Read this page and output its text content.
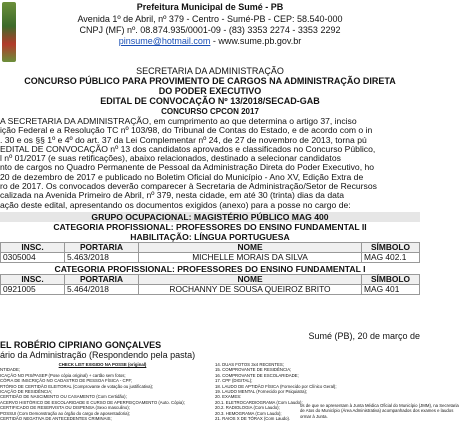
Prefeitura Municipal de Sumé - PB
Avenida 1º de Abril, nº 379 - Centro - Sumé-PB - CEP: 58.540-000
CNPJ (MF) nº. 08.874.935/0001-09 - (83) 3353 2274 - 3353 2292
pinsume@hotmail.com - www.sume.pb.gov.br
SECRETARIA DA ADMINISTRAÇÃO
CONCURSO PÚBLICO PARA PROVIMENTO DE CARGOS NA ADMINISTRAÇÃO DIRETA
DO PODER EXECUTIVO
EDITAL DE CONVOCAÇÃO Nº 13/2018/SECAD-GAB
CONCURSO CPCON 2017
A SECRETARIA DA ADMINISTRAÇÃO, em cumprimento ao que determina o artigo 37, inciso
ição Federal e a Resolução TC nº 103/98, do Tribunal de Contas do Estado, e de acordo com o in
. 30 e os §§ 1º e 4º do art. 37 da Lei Complementar nº 24, de 27 de novembro de 2013, torna pú
EDITAL DE CONVOCAÇÃO nº 13 dos candidatos aprovados e classificados no Concurso Público,
l nº 01/2017 (e suas retificações), abaixo relacionados, destinado a selecionar candidatos
nto de cargos no Quadro Permanente de Pessoal da Administração Direta do Poder Executivo, ho
20 de dezembro de 2017 e publicado no Boletim Oficial do Município - Ano XV, Edição Extra de
ro de 2017. Os convocados deverão comparecer à Secretaria de Administração/Setor de Recursos
calizada na Avenida Primeiro de Abril, nº 379, nesta cidade, em até 30 (trinta) dias da data
ação deste edital, apresentando os documentos exigidos (anexo) para a posse no cargo de:
GRUPO OCUPACIONAL: MAGISTÉRIO PÚBLICO MAG 400
CATEGORIA PROFISSIONAL: PROFESSORES DO ENSINO FUNDAMENTAL II
HABILITAÇÃO: LÍNGUA PORTUGUESA
INSC.	PORTARIA	NOME	SÍMBOLO
0305004	5.463/2018	MICHELLE MORAIS DA SILVA	MAG 402.1
CATEGORIA PROFISSIONAL: PROFESSORES DO ENSINO FUNDAMENTAL I
INSC.	PORTARIA	NOME	SÍMBOLO
0921005	5.464/2018	ROCHANNY DE SOUSA QUEIROZ BRITO	MAG 401
Sumé (PB), 20 de março de
EL ROBÉRIO CIPRIANO GONÇALVES
ário da Administração (Respondendo pela pasta)
CHECK LIST EXIGIDO NA POSSE (original)
NTIDADE;
ICAÇÃO NO PIS/PASEP (Pose cópia original) + cartão sem fotos;
CÓPIA DE INSCRIÇÃO NO CADASTRO DE PESSOA FÍSICA - CPF;
RTÓRIO DE CERTIDÃO ELEITORAL (Comprovante de votação ou justificativa);
ICAÇÃO DE RESIDÊNCIA;
CERTIDÃO DE NASCIMENTO OU CASAMENTO (Com Certidão);
ACERVO HISTÓRICO DE ESCOLARIDADE E CURSO DE APERFEIÇOAMENTO (Auto. Cópia);
CERTIFICADO DE RESERVISTA OU DISPENSA (Sexo masculino);
POSSUI (Com Demonstração ao órgão do cargo de aposentadoria);
CERTIDÃO NEGATIVA DE ANTECEDENTES CRIMINAIS;
14. DUAS FOTOS 3x4 RECENTES;
15. COMPROVANTE DE RESIDÊNCIA;
16. COMPROVANTE DE ESCOLARIDADE;
17. CPF (DIGITAL);
18. LAUDO DE APTIDÃO FÍSICA (Fornecido por Clínico Geral);
19. LAUDO MENTAL (Fornecido por Psiquiatra);
20. EXAMES:
20.1. ELETROCARDIOGRAMA (Com Laudo);
20.2. RADIOLOGIA (Com Laudo);
20.3. HEMOGRAMA (Com Laudo);
21. RAIOS X DE TÓRAX (Com Laudo).
os de que se apresentam à Junta Médica Oficial do Município (JMM), na Secretaria
de Atos do Município (Área Administrativa) acompanhados dos exames e laudos
ormar à Junta.
